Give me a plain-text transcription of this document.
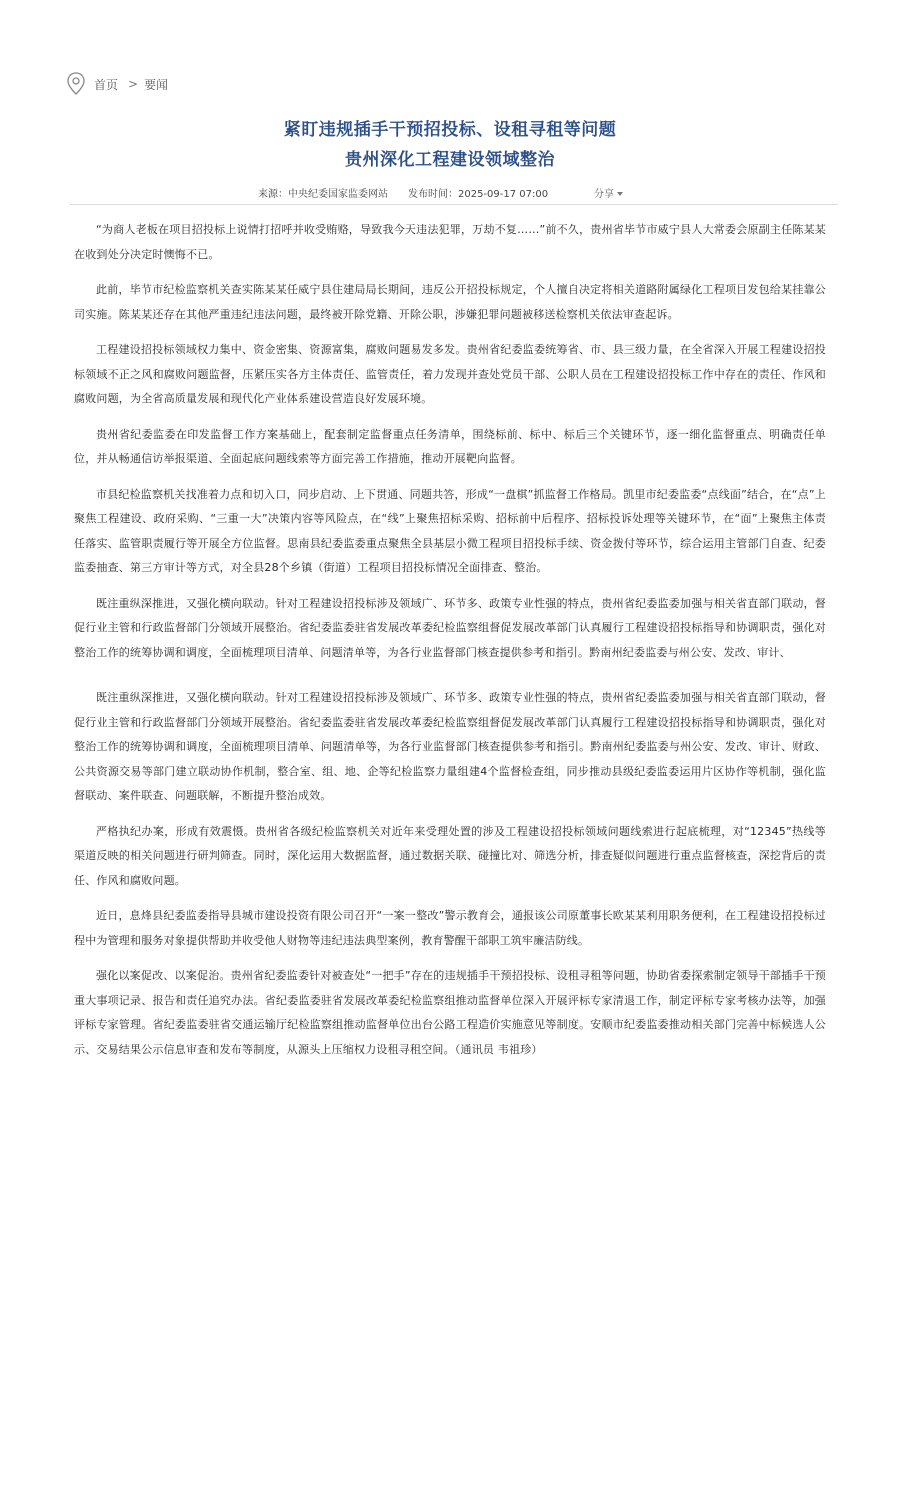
首页 > 要闻
紧盯违规插手干预招投标、设租寻租等问题
贵州深化工程建设领域整治
来源：中央纪委国家监委网站 发布时间：2025-09-17 07:00	分享

“为商人老板在项目招投标上说情打招呼并收受贿赂，导致我今天违法犯罪，万劫不复……”前不久，贵州省毕节市威宁县人大常委会原副主任陈某某在收到处分决定时懊悔不已。

此前，毕节市纪检监察机关查实陈某某任威宁县住建局局长期间，违反公开招投标规定，个人擅自决定将相关道路附属绿化工程项目发包给某挂靠公司实施。陈某某还存在其他严重违纪违法问题，最终被开除党籍、开除公职，涉嫌犯罪问题被移送检察机关依法审查起诉。

工程建设招投标领域权力集中、资金密集、资源富集，腐败问题易发多发。贵州省纪委监委统筹省、市、县三级力量，在全省深入开展工程建设招投标领域不正之风和腐败问题监督，压紧压实各方主体责任、监管责任，着力发现并查处党员干部、公职人员在工程建设招投标工作中存在的责任、作风和腐败问题，为全省高质量发展和现代化产业体系建设营造良好发展环境。

贵州省纪委监委在印发监督工作方案基础上，配套制定监督重点任务清单，围绕标前、标中、标后三个关键环节，逐一细化监督重点、明确责任单位，并从畅通信访举报渠道、全面起底问题线索等方面完善工作措施，推动开展靶向监督。

市县纪检监察机关找准着力点和切入口，同步启动、上下贯通、同题共答，形成“一盘棋”抓监督工作格局。凯里市纪委监委“点线面”结合，在“点”上聚焦工程建设、政府采购、“三重一大”决策内容等风险点，在“线”上聚焦招标采购、招标前中后程序、招标投诉处理等关键环节，在“面”上聚焦主体责任落实、监管职责履行等开展全方位监督。思南县纪委监委重点聚焦全县基层小微工程项目招投标手续、资金拨付等环节，综合运用主管部门自查、纪委监委抽查、第三方审计等方式，对全县28个乡镇（街道）工程项目招投标情况全面排查、整治。

既注重纵深推进，又强化横向联动。针对工程建设招投标涉及领域广、环节多、政策专业性强的特点，贵州省纪委监委加强与相关省直部门联动，督促行业主管和行政监督部门分领域开展整治。省纪委监委驻省发展改革委纪检监察组督促发展改革部门认真履行工程建设招投标指导和协调职责，强化对整治工作的统筹协调和调度，全面梳理项目清单、问题清单等，为各行业监督部门核查提供参考和指引。黔南州纪委监委与州公安、发改、审计、

既注重纵深推进，又强化横向联动。针对工程建设招投标涉及领域广、环节多、政策专业性强的特点，贵州省纪委监委加强与相关省直部门联动，督促行业主管和行政监督部门分领域开展整治。省纪委监委驻省发展改革委纪检监察组督促发展改革部门认真履行工程建设招投标指导和协调职责，强化对整治工作的统筹协调和调度，全面梳理项目清单、问题清单等，为各行业监督部门核查提供参考和指引。黔南州纪委监委与州公安、发改、审计、财政、公共资源交易等部门建立联动协作机制，整合室、组、地、企等纪检监察力量组建4个监督检查组，同步推动县级纪委监委运用片区协作等机制，强化监督联动、案件联查、问题联解，不断提升整治成效。

严格执纪办案，形成有效震慑。贵州省各级纪检监察机关对近年来受理处置的涉及工程建设招投标领域问题线索进行起底梳理，对“12345”热线等渠道反映的相关问题进行研判筛查。同时，深化运用大数据监督，通过数据关联、碰撞比对、筛选分析，排查疑似问题进行重点监督核查，深挖背后的责任、作风和腐败问题。

近日，息烽县纪委监委指导县城市建设投资有限公司召开“一案一整改”警示教育会，通报该公司原董事长欧某某利用职务便利，在工程建设招投标过程中为管理和服务对象提供帮助并收受他人财物等违纪违法典型案例，教育警醒干部职工筑牢廉洁防线。

强化以案促改、以案促治。贵州省纪委监委针对被查处“一把手”存在的违规插手干预招投标、设租寻租等问题，协助省委探索制定领导干部插手干预重大事项记录、报告和责任追究办法。省纪委监委驻省发展改革委纪检监察组推动监督单位深入开展评标专家清退工作，制定评标专家考核办法等，加强评标专家管理。省纪委监委驻省交通运输厅纪检监察组推动监督单位出台公路工程造价实施意见等制度。安顺市纪委监委推动相关部门完善中标候选人公示、交易结果公示信息审查和发布等制度，从源头上压缩权力设租寻租空间。（通讯员 韦祖珍）
